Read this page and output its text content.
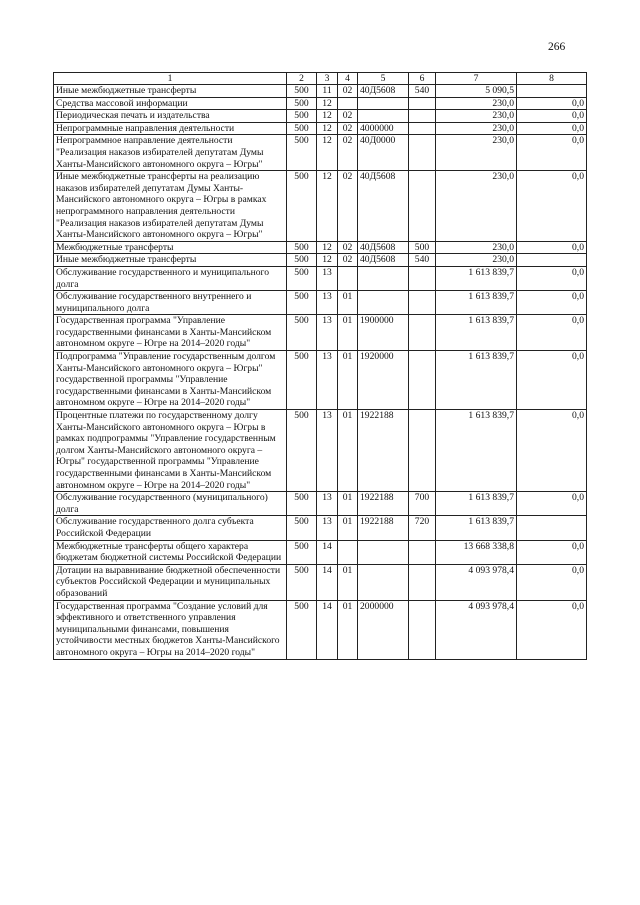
266
1	2	3	4	5	6	7	8
Иные межбюджетные трансферты	500	11	02	40Д5608	540	5 090,5	
Средства массовой информации	500	12				230,0	0,0
Периодическая печать и издательства	500	12	02			230,0	0,0
Непрограммные направления деятельности	500	12	02	4000000		230,0	0,0
Непрограммное направление деятельности "Реализация наказов избирателей депутатам Думы Ханты-Мансийского автономного округа – Югры"	500	12	02	40Д0000		230,0	0,0
Иные межбюджетные трансферты на реализацию наказов избирателей депутатам Думы Ханты-Мансийского автономного округа – Югры в рамках непрограммного направления деятельности "Реализация наказов избирателей депутатам Думы Ханты-Мансийского автономного округа – Югры"	500	12	02	40Д5608		230,0	0,0
Межбюджетные трансферты	500	12	02	40Д5608	500	230,0	0,0
Иные межбюджетные трансферты	500	12	02	40Д5608	540	230,0	
Обслуживание государственного и муниципального долга	500	13				1 613 839,7	0,0
Обслуживание государственного внутреннего и муниципального долга	500	13	01			1 613 839,7	0,0
Государственная программа "Управление государственными финансами в Ханты-Мансийском автономном округе – Югре на 2014–2020 годы"	500	13	01	1900000		1 613 839,7	0,0
Подпрограмма "Управление государственным долгом Ханты-Мансийского автономного округа – Югры" государственной программы "Управление государственными финансами в Ханты-Мансийском автономном округе – Югре на 2014–2020 годы"	500	13	01	1920000		1 613 839,7	0,0
Процентные платежи по государственному долгу Ханты-Мансийского автономного округа – Югры в рамках подпрограммы "Управление государственным долгом Ханты-Мансийского автономного округа – Югры" государственной программы "Управление государственными финансами в Ханты-Мансийском автономном округе – Югре на 2014–2020 годы"	500	13	01	1922188		1 613 839,7	0,0
Обслуживание государственного (муниципального) долга	500	13	01	1922188	700	1 613 839,7	0,0
Обслуживание государственного долга субъекта Российской Федерации	500	13	01	1922188	720	1 613 839,7	
Межбюджетные трансферты общего характера бюджетам бюджетной системы Российской Федерации	500	14				13 668 338,8	0,0
Дотации на выравнивание бюджетной обеспеченности субъектов Российской Федерации и муниципальных образований	500	14	01			4 093 978,4	0,0
Государственная программа "Создание условий для эффективного и ответственного управления муниципальными финансами, повышения устойчивости местных бюджетов Ханты-Мансийского автономного округа – Югры на 2014–2020 годы"	500	14	01	2000000		4 093 978,4	0,0
